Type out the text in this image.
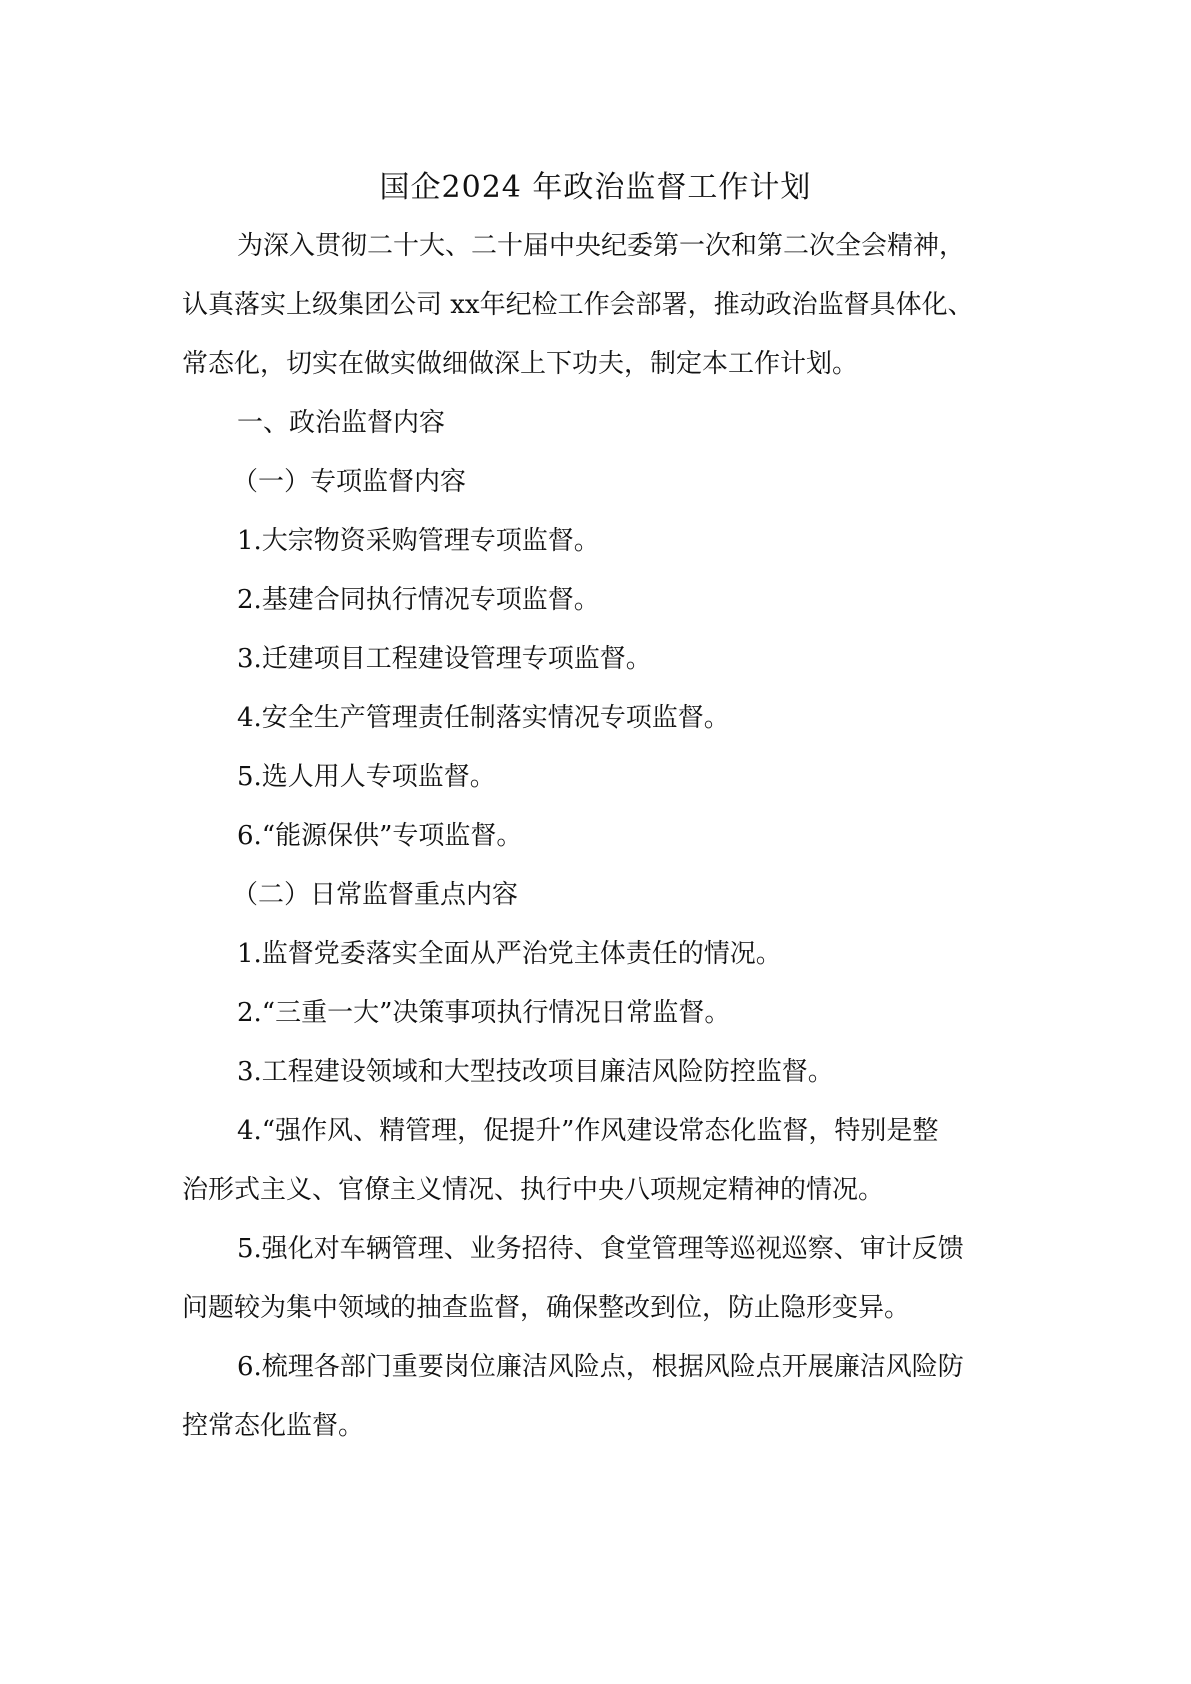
国企2024 年政治监督工作计划
为深入贯彻二十大、二十届中央纪委第一次和第二次全会精神，
认真落实上级集团公司 xx年纪检工作会部署，推动政治监督具体化、
常态化，切实在做实做细做深上下功夫，制定本工作计划。
一、政治监督内容
（一）专项监督内容
1.大宗物资采购管理专项监督。
2.基建合同执行情况专项监督。
3.迁建项目工程建设管理专项监督。
4.安全生产管理责任制落实情况专项监督。
5.选人用人专项监督。
6.“能源保供”专项监督。
（二）日常监督重点内容
1.监督党委落实全面从严治党主体责任的情况。
2.“三重一大”决策事项执行情况日常监督。
3.工程建设领域和大型技改项目廉洁风险防控监督。
4.“强作风、精管理，促提升”作风建设常态化监督，特别是整
治形式主义、官僚主义情况、执行中央八项规定精神的情况。
5.强化对车辆管理、业务招待、食堂管理等巡视巡察、审计反馈
问题较为集中领域的抽查监督，确保整改到位，防止隐形变异。
6.梳理各部门重要岗位廉洁风险点，根据风险点开展廉洁风险防
控常态化监督。
